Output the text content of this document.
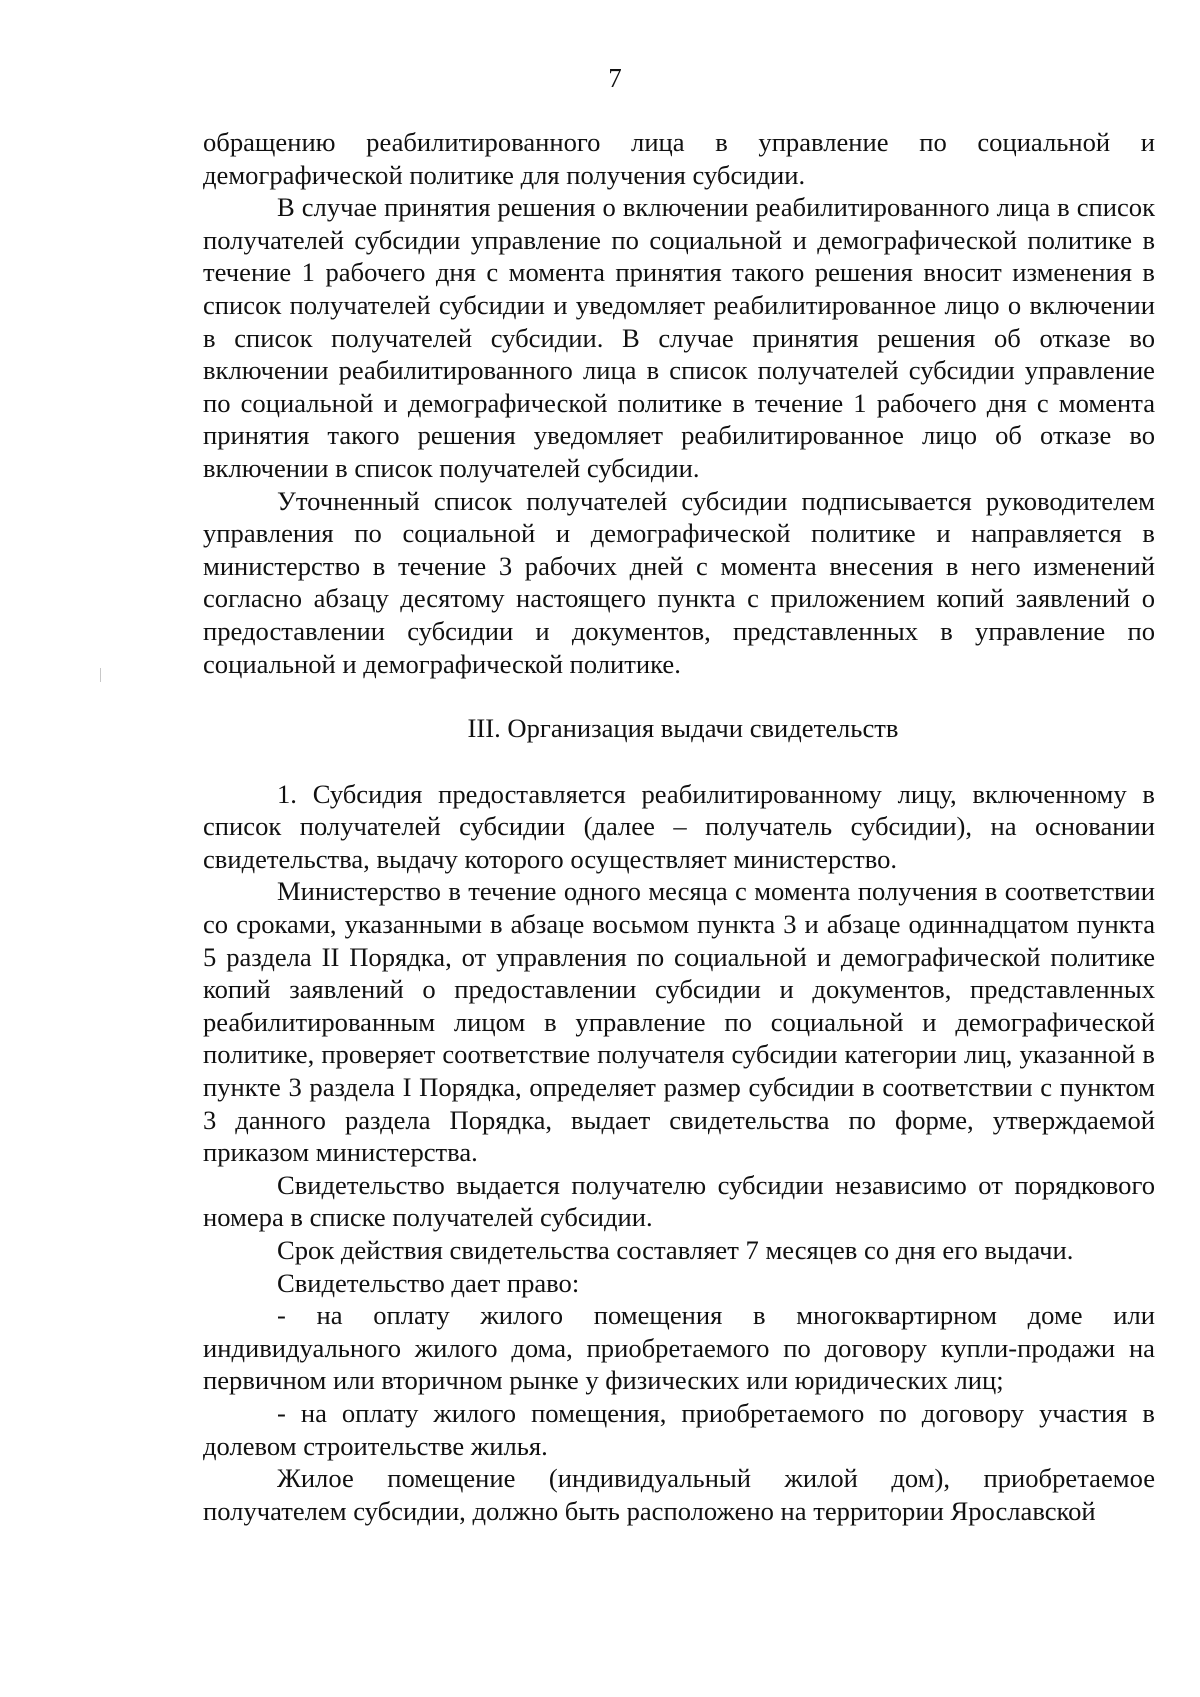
7

обращению реабилитированного лица в управление по социальной и демографической политике для получения субсидии.

В случае принятия решения о включении реабилитированного лица в список получателей субсидии управление по социальной и демографической политике в течение 1 рабочего дня с момента принятия такого решения вносит изменения в список получателей субсидии и уведомляет реабилитированное лицо о включении в список получателей субсидии. В случае принятия решения об отказе во включении реабилитированного лица в список получателей субсидии управление по социальной и демографической политике в течение 1 рабочего дня с момента принятия такого решения уведомляет реабилитированное лицо об отказе во включении в список получателей субсидии.

Уточненный список получателей субсидии подписывается руководителем управления по социальной и демографической политике и направляется в министерство в течение 3 рабочих дней с момента внесения в него изменений согласно абзацу десятому настоящего пункта с приложением копий заявлений о предоставлении субсидии и документов, представленных в управление по социальной и демографической политике.

III. Организация выдачи свидетельств

1. Субсидия предоставляется реабилитированному лицу, включенному в список получателей субсидии (далее – получатель субсидии), на основании свидетельства, выдачу которого осуществляет министерство.

Министерство в течение одного месяца с момента получения в соответствии со сроками, указанными в абзаце восьмом пункта 3 и абзаце одиннадцатом пункта 5 раздела II Порядка, от управления по социальной и демографической политике копий заявлений о предоставлении субсидии и документов, представленных реабилитированным лицом в управление по социальной и демографической политике, проверяет соответствие получателя субсидии категории лиц, указанной в пункте 3 раздела I Порядка, определяет размер субсидии в соответствии с пунктом 3 данного раздела Порядка, выдает свидетельства по форме, утверждаемой приказом министерства.

Свидетельство выдается получателю субсидии независимо от порядкового номера в списке получателей субсидии.

Срок действия свидетельства составляет 7 месяцев со дня его выдачи.

Свидетельство дает право:

- на оплату жилого помещения в многоквартирном доме или индивидуального жилого дома, приобретаемого по договору купли-продажи на первичном или вторичном рынке у физических или юридических лиц;

- на оплату жилого помещения, приобретаемого по договору участия в долевом строительстве жилья.

Жилое помещение (индивидуальный жилой дом), приобретаемое получателем субсидии, должно быть расположено на территории Ярославской
